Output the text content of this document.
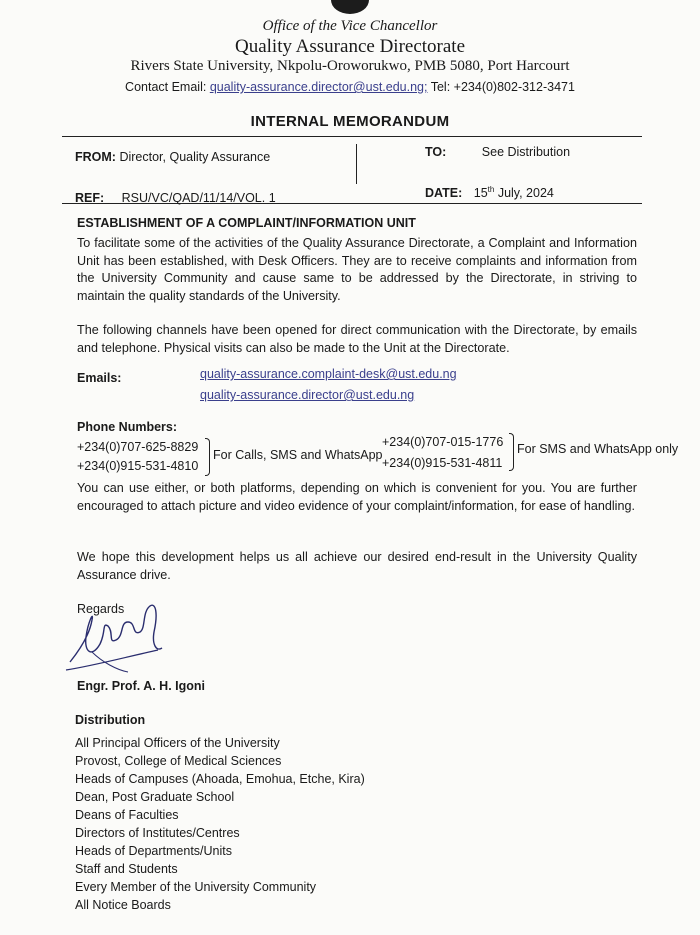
Office of the Vice Chancellor
Quality Assurance Directorate
Rivers State University, Nkpolu-Oroworukwo, PMB 5080, Port Harcourt
Contact Email: quality-assurance.director@ust.edu.ng; Tel: +234(0)802-312-3471
INTERNAL MEMORANDUM
FROM: Director, Quality Assurance	TO:	See Distribution
REF: RSU/VC/QAD/11/14/VOL. 1	DATE: 15th July, 2024
ESTABLISHMENT OF A COMPLAINT/INFORMATION UNIT
To facilitate some of the activities of the Quality Assurance Directorate, a Complaint and Information Unit has been established, with Desk Officers. They are to receive complaints and information from the University Community and cause same to be addressed by the Directorate, in striving to maintain the quality standards of the University.
The following channels have been opened for direct communication with the Directorate, by emails and telephone. Physical visits can also be made to the Unit at the Directorate.
Emails:	quality-assurance.complaint-desk@ust.edu.ng
quality-assurance.director@ust.edu.ng
Phone Numbers:
+234(0)707-625-8829
+234(0)915-531-4810
For Calls, SMS and WhatsApp
+234(0)707-015-1776
+234(0)915-531-4811
For SMS and WhatsApp only
You can use either, or both platforms, depending on which is convenient for you. You are further encouraged to attach picture and video evidence of your complaint/information, for ease of handling.
We hope this development helps us all achieve our desired end-result in the University Quality Assurance drive.
Regards
Engr. Prof. A. H. Igoni
Distribution
All Principal Officers of the University
Provost, College of Medical Sciences
Heads of Campuses (Ahoada, Emohua, Etche, Kira)
Dean, Post Graduate School
Deans of Faculties
Directors of Institutes/Centres
Heads of Departments/Units
Staff and Students
Every Member of the University Community
All Notice Boards
